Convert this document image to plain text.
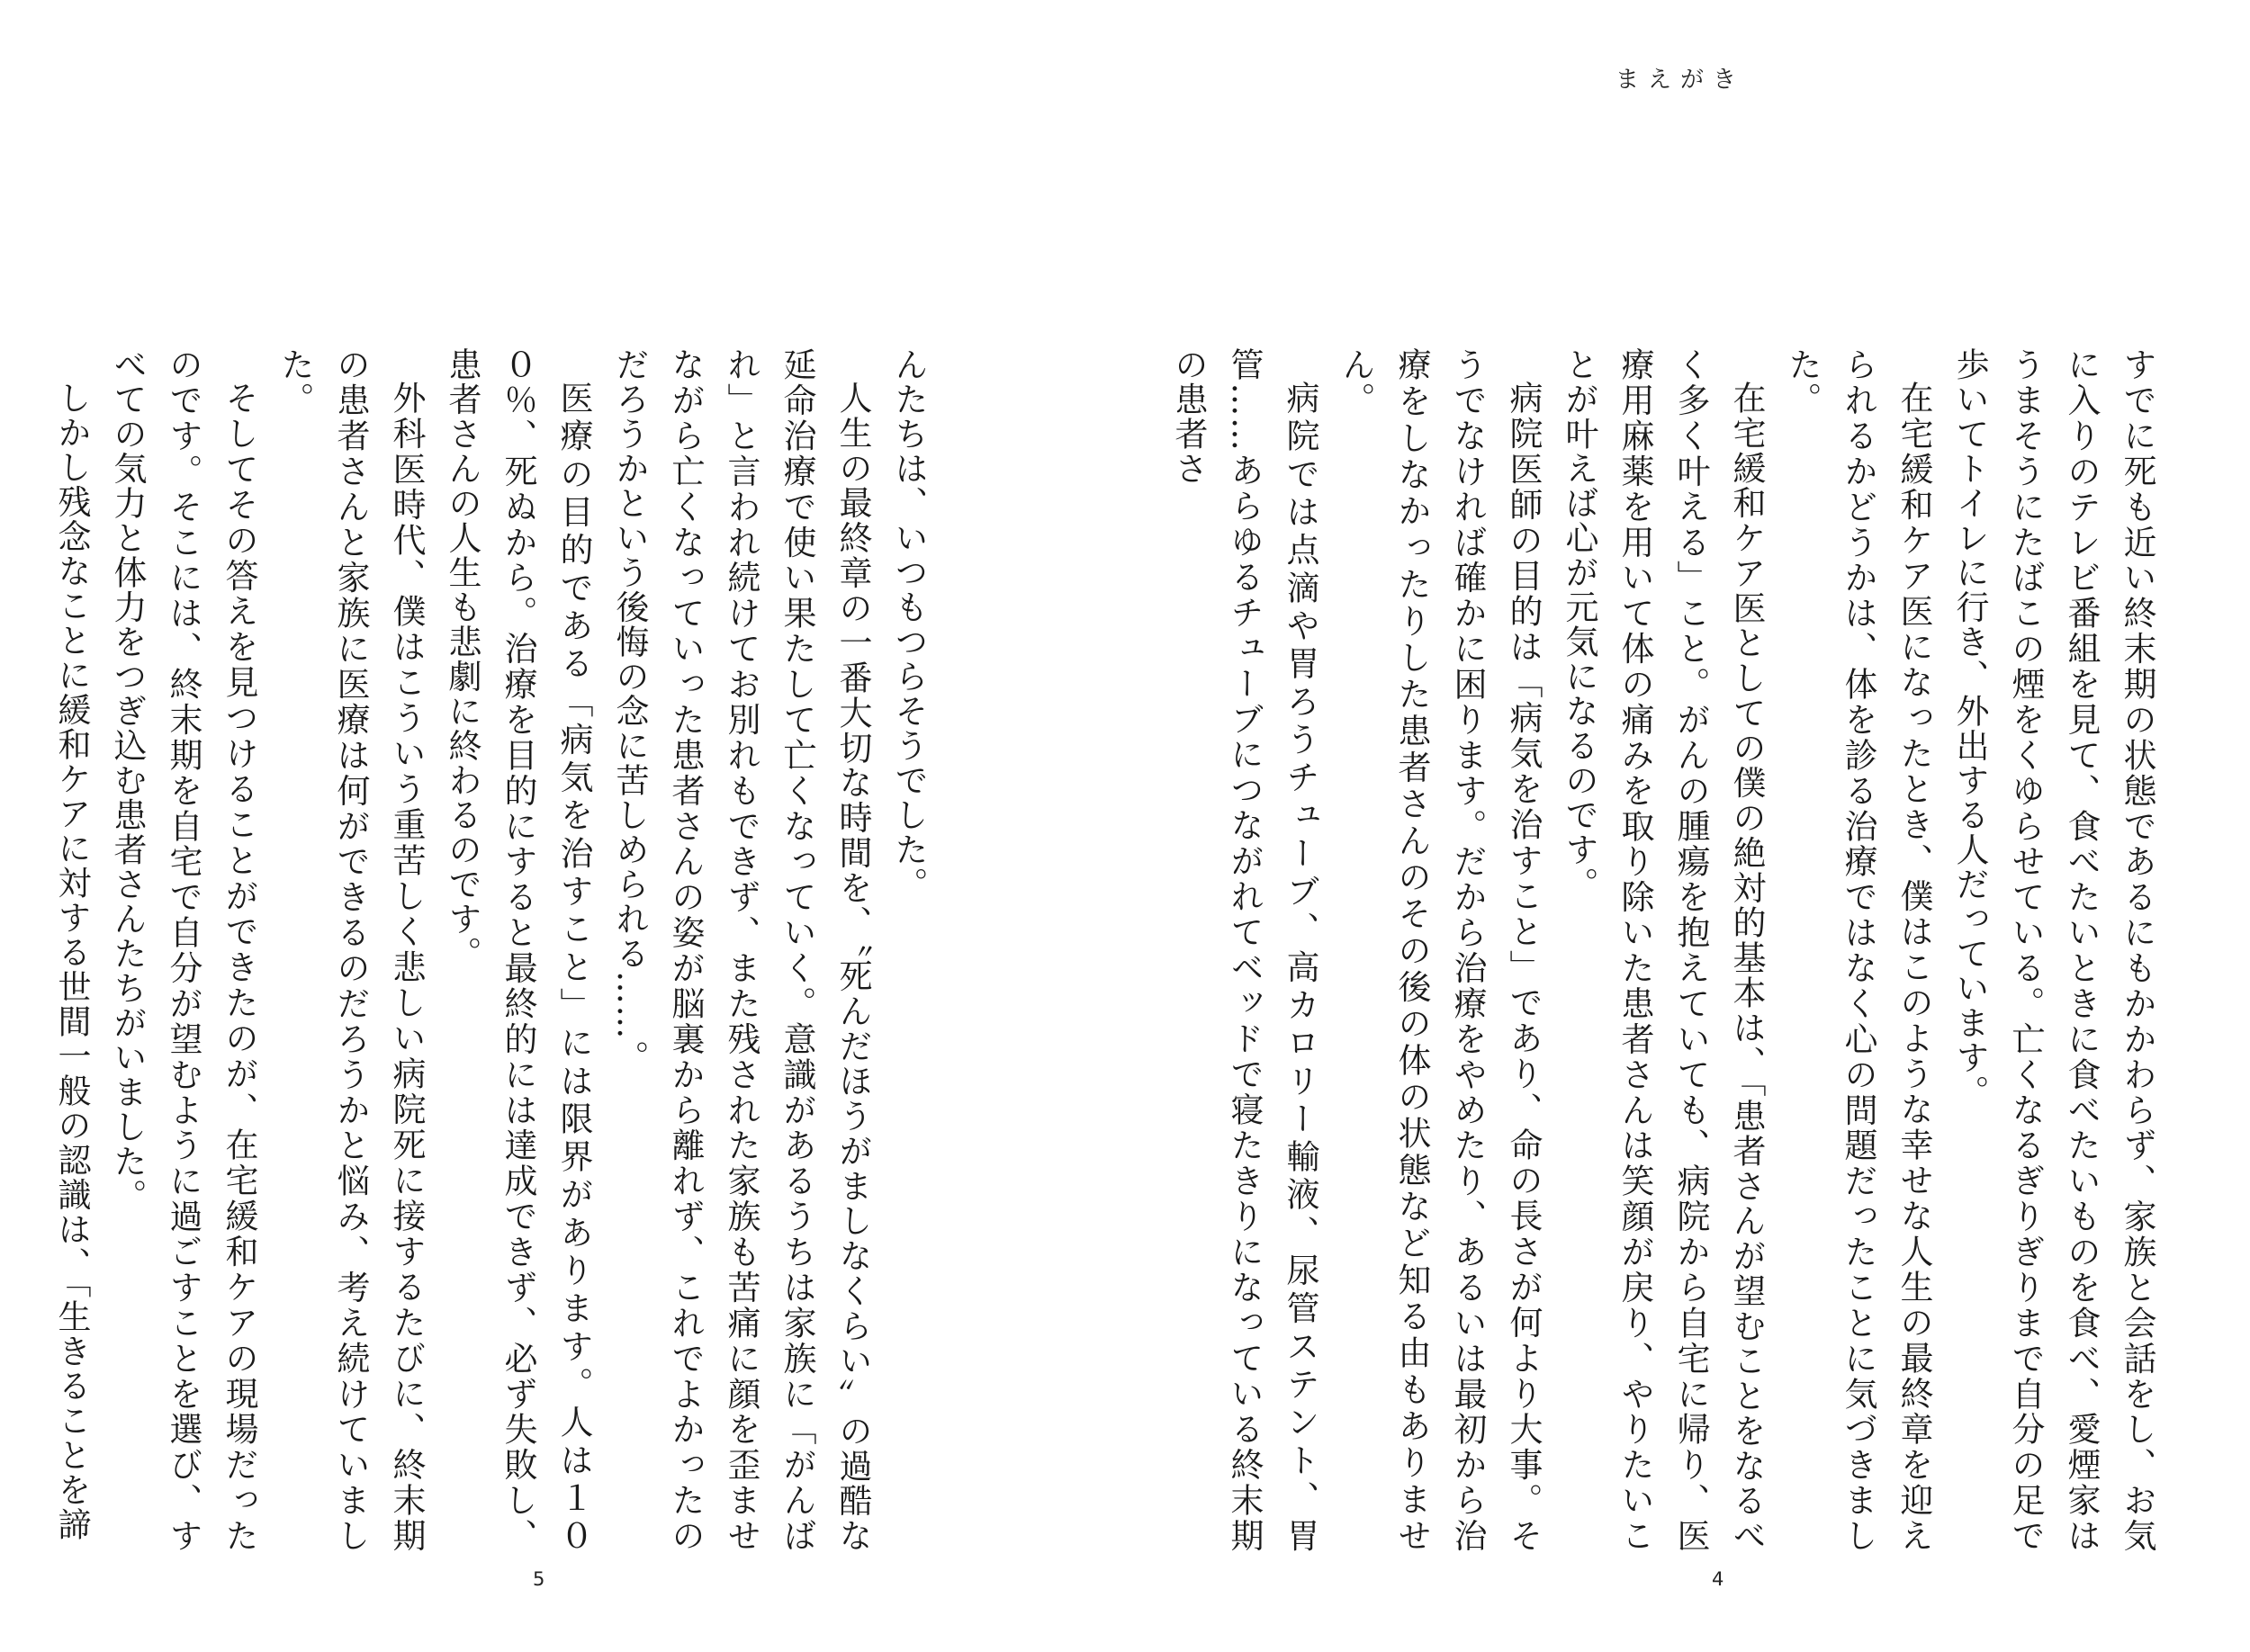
んたちは、いつもつらそうでした。

人生の最終章の一番大切な時間を、〝死んだほうがましなくらい〟の過酷な延命治療で使い果たして亡くなっていく。意識があるうちは家族に「がんばれ」と言われ続けてお別れもできず、また残された家族も苦痛に顔を歪ませながら亡くなっていった患者さんの姿が脳裏から離れず、これでよかったのだろうかという後悔の念に苦しめられる……。

医療の目的である「病気を治すこと」には限界があります。人は１００％、死ぬから。治療を目的にすると最終的には達成できず、必ず失敗し、患者さんの人生も悲劇に終わるのです。

外科医時代、僕はこういう重苦しく悲しい病院死に接するたびに、終末期の患者さんと家族に医療は何ができるのだろうかと悩み、考え続けていました。

そしてその答えを見つけることができたのが、在宅緩和ケアの現場だったのです。そこには、終末期を自宅で自分が望むように過ごすことを選び、すべての気力と体力をつぎ込む患者さんたちがいました。

しかし残念なことに緩和ケアに対する世間一般の認識は、「生きることを諦

5
まえがき

すでに死も近い終末期の状態であるにもかかわらず、家族と会話をし、お気に入りのテレビ番組を見て、食べたいときに食べたいものを食べ、愛煙家はうまそうにたばこの煙をくゆらせている。亡くなるぎりぎりまで自分の足で歩いてトイレに行き、外出する人だっています。

在宅緩和ケア医になったとき、僕はこのような幸せな人生の最終章を迎えられるかどうかは、体を診る治療ではなく心の問題だったことに気づきました。

在宅緩和ケア医としての僕の絶対的基本は、「患者さんが望むことをなるべく多く叶える」こと。がんの腫瘍を抱えていても、病院から自宅に帰り、医療用麻薬を用いて体の痛みを取り除いた患者さんは笑顔が戻り、やりたいことが叶えば心が元気になるのです。

病院医師の目的は「病気を治すこと」であり、命の長さが何より大事。そうでなければ確かに困ります。だから治療をやめたり、あるいは最初から治療をしなかったりした患者さんのその後の体の状態など知る由もありません。

病院では点滴や胃ろうチューブ、高カロリー輸液、尿管ステント、胃管……あらゆるチューブにつながれてベッドで寝たきりになっている終末期の患者さ

4
